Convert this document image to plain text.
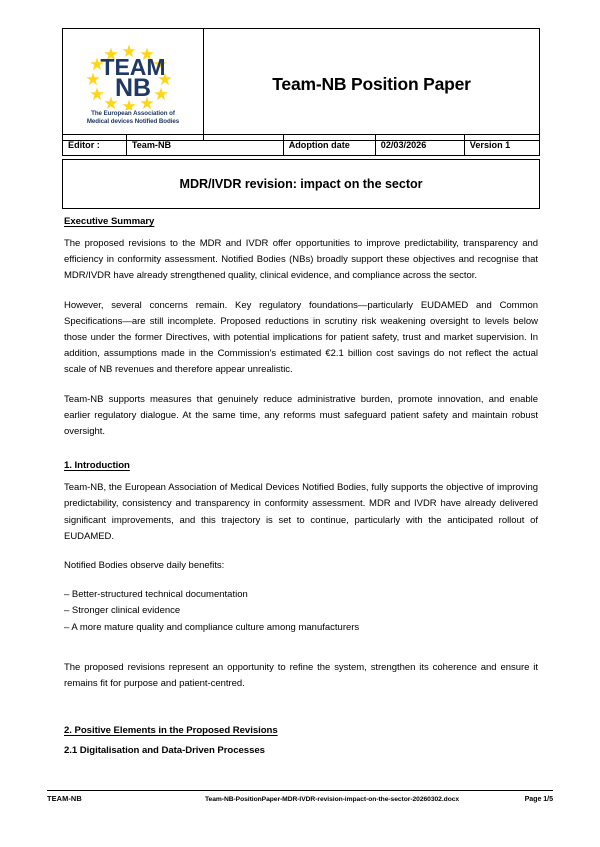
TEAM
NB
The European Association of
Medical devices Notified Bodies
	Team-NB Position Paper
Editor :	Team-NB	Adoption date	02/03/2026	Version 1
MDR/IVDR revision: impact on the sector
Executive Summary

The proposed revisions to the MDR and IVDR offer opportunities to improve predictability, transparency and efficiency in conformity assessment. Notified Bodies (NBs) broadly support these objectives and recognise that MDR/IVDR have already strengthened quality, clinical evidence, and compliance across the sector.

However, several concerns remain. Key regulatory foundations—particularly EUDAMED and Common Specifications—are still incomplete. Proposed reductions in scrutiny risk weakening oversight to levels below those under the former Directives, with potential implications for patient safety, trust and market supervision. In addition, assumptions made in the Commission's estimated €2.1 billion cost savings do not reflect the actual scale of NB revenues and therefore appear unrealistic.

Team-NB supports measures that genuinely reduce administrative burden, promote innovation, and enable earlier regulatory dialogue. At the same time, any reforms must safeguard patient safety and maintain robust oversight.

1. Introduction

Team-NB, the European Association of Medical Devices Notified Bodies, fully supports the objective of improving predictability, consistency and transparency in conformity assessment. MDR and IVDR have already delivered significant improvements, and this trajectory is set to continue, particularly with the anticipated rollout of EUDAMED.

Notified Bodies observe daily benefits:

– Better-structured technical documentation
– Stronger clinical evidence
– A more mature quality and compliance culture among manufacturers

The proposed revisions represent an opportunity to refine the system, strengthen its coherence and ensure it remains fit for purpose and patient-centred.

2. Positive Elements in the Proposed Revisions
2.1 Digitalisation and Data-Driven Processes
TEAM-NB	Team-NB-PositionPaper-MDR-IVDR-revision-impact-on-the-sector-20260302.docx	Page 1/5
